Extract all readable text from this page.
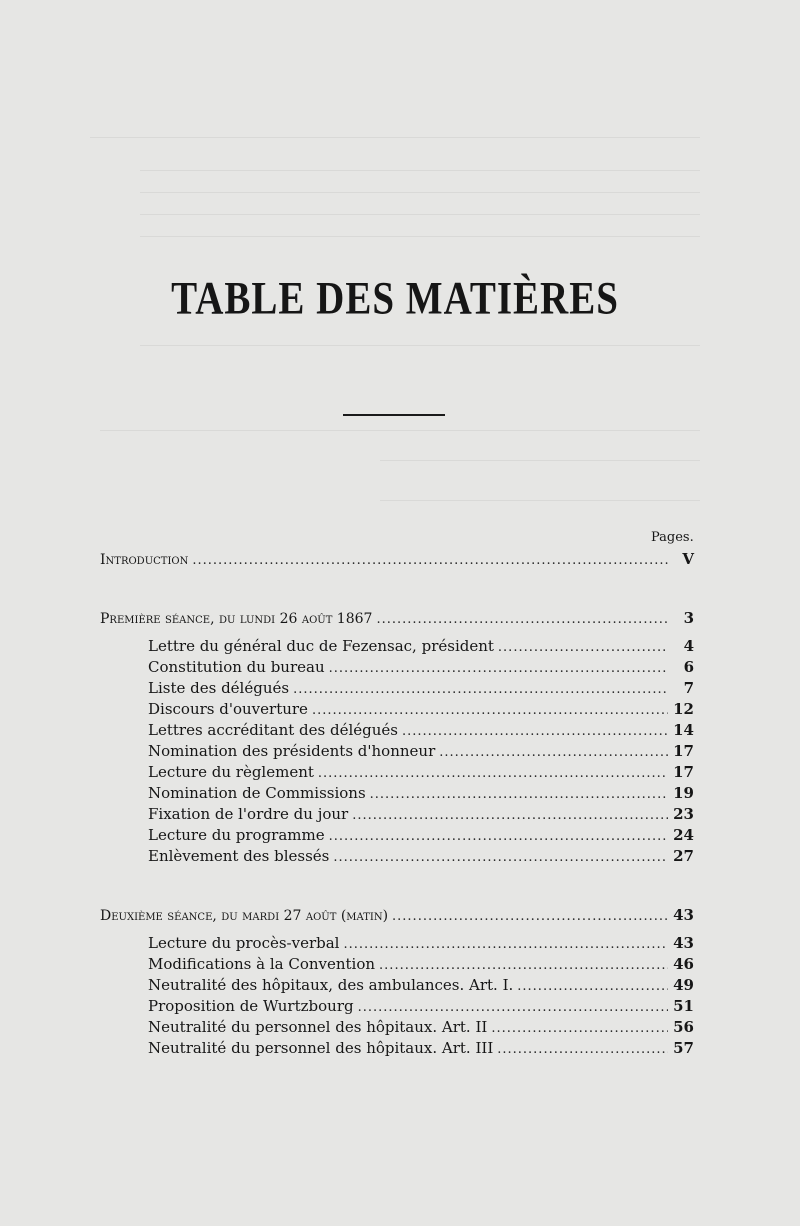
TABLE DES MATIÈRES
Pages.
Introduction .....	V
Première séance, du lundi 26 août 1867 .....	3
Lettre du général duc de Fezensac, président .....	4
Constitution du bureau .....	6
Liste des délégués .....	7
Discours d'ouverture .....	12
Lettres accréditant des délégués .....	14
Nomination des présidents d'honneur .....	17
Lecture du règlement .....	17
Nomination de Commissions .....	19
Fixation de l'ordre du jour .....	23
Lecture du programme .....	24
Enlèvement des blessés .....	27
Deuxième séance, du mardi 27 août (matin) .....	43
Lecture du procès-verbal .....	43
Modifications à la Convention .....	46
Neutralité des hôpitaux, des ambulances. Art. I. .....	49
Proposition de Wurtzbourg .....	51
Neutralité du personnel des hôpitaux. Art. II .....	56
Neutralité du personnel des hôpitaux. Art. III .....	57
